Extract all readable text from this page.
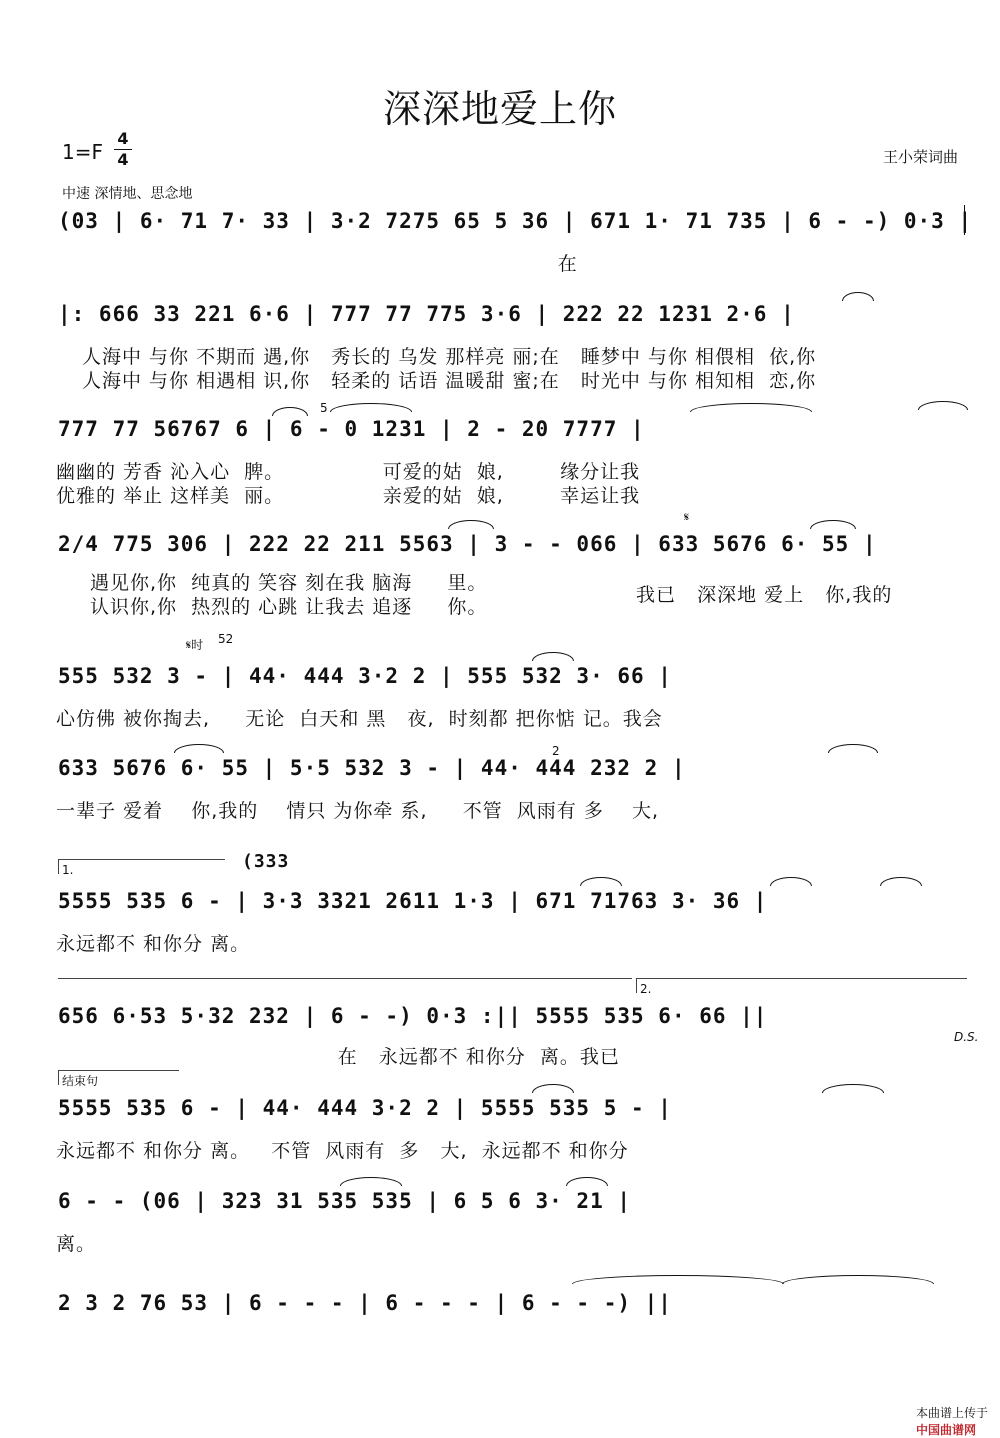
深深地爱上你
1=F
4
4	王小荣词曲
中速 深情地、思念地
(03 | 6· 71 7· 33 | 3·2 7275 65 5 36 | 671 1· 71 735 | 6 - -) 0·3 |
在
|: 666 33 221 6·6 | 777 77 775 3·6 | 222 22 1231 2·6 |
人海中 与你 不期而 遇,你   秀长的 乌发 那样亮 丽;在   睡梦中 与你 相偎相  依,你
人海中 与你 相遇相 识,你   轻柔的 话语 温暖甜 蜜;在   时光中 与你 相知相  恋,你
777 77 56767 6 | 6 - 0 1231 | 2 - 20 7777 |
5
幽幽的 芳香 沁入心  脾。              可爱的姑  娘,        缘分让我
优雅的 举止 这样美  丽。              亲爱的姑  娘,        幸运让我
2/4 775 306 | 222 22 211 5563 | 3 - - 066 | 633 5676 6· 55 |
𝄋
遇见你,你  纯真的 笑容 刻在我 脑海     里。
认识你,你  热烈的 心跳 让我去 追逐     你。
我已   深深地 爱上   你,我的
𝄋时 52
555 532 3 - | 44· 444 3·2 2 | 555 532 3· 66 |
心仿佛 被你掏去,     无论  白天和 黑   夜,  时刻都 把你惦 记。我会
633 5676 6· 55 | 5·5 532 3 - | 44· 444 232 2 |
2
一辈子 爱着    你,我的    情只 为你牵 系,     不管  风雨有 多    大,
1.	(333
5555 535 6 - | 3·3 3321 2611 1·3 | 671 71763 3· 36 |
永远都不 和你分 离。
2.
656 6·53 5·32 232 | 6 - -) 0·3 :|| 5555 535 6· 66 ||
D.S.
在   永远都不 和你分  离。我已
结束句
5555 535 6 - | 44· 444 3·2 2 | 5555 535 5 - |
永远都不 和你分 离。   不管  风雨有  多   大,  永远都不 和你分
6 - - (06 | 323 31 535 535 | 6 5 6 3· 21 |
离。
2 3 2 76 53 | 6 - - - | 6 - - - | 6 - - -) ||

本曲谱上传于
中国曲谱网
